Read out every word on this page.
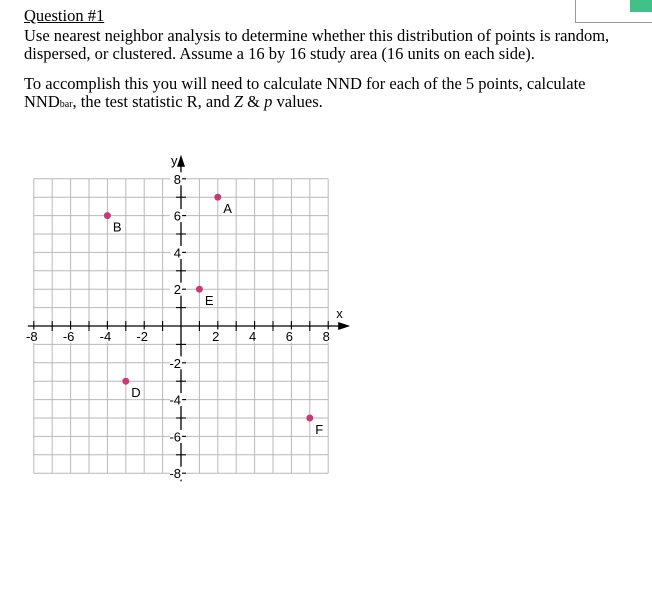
Question #1

Use nearest neighbor analysis to determine whether this distribution of points is random,
dispersed, or clustered. Assume a 16 by 16 study area (16 units on each side).

To accomplish this you will need to calculate NND for each of the 5 points, calculate
NNDbar, the test statistic R, and Z & p values.

x
y
-8 -6 -4 -2	2 4 6 8
8
6
4
2
-2
-4
-6
-8
A
B
D
E
F
